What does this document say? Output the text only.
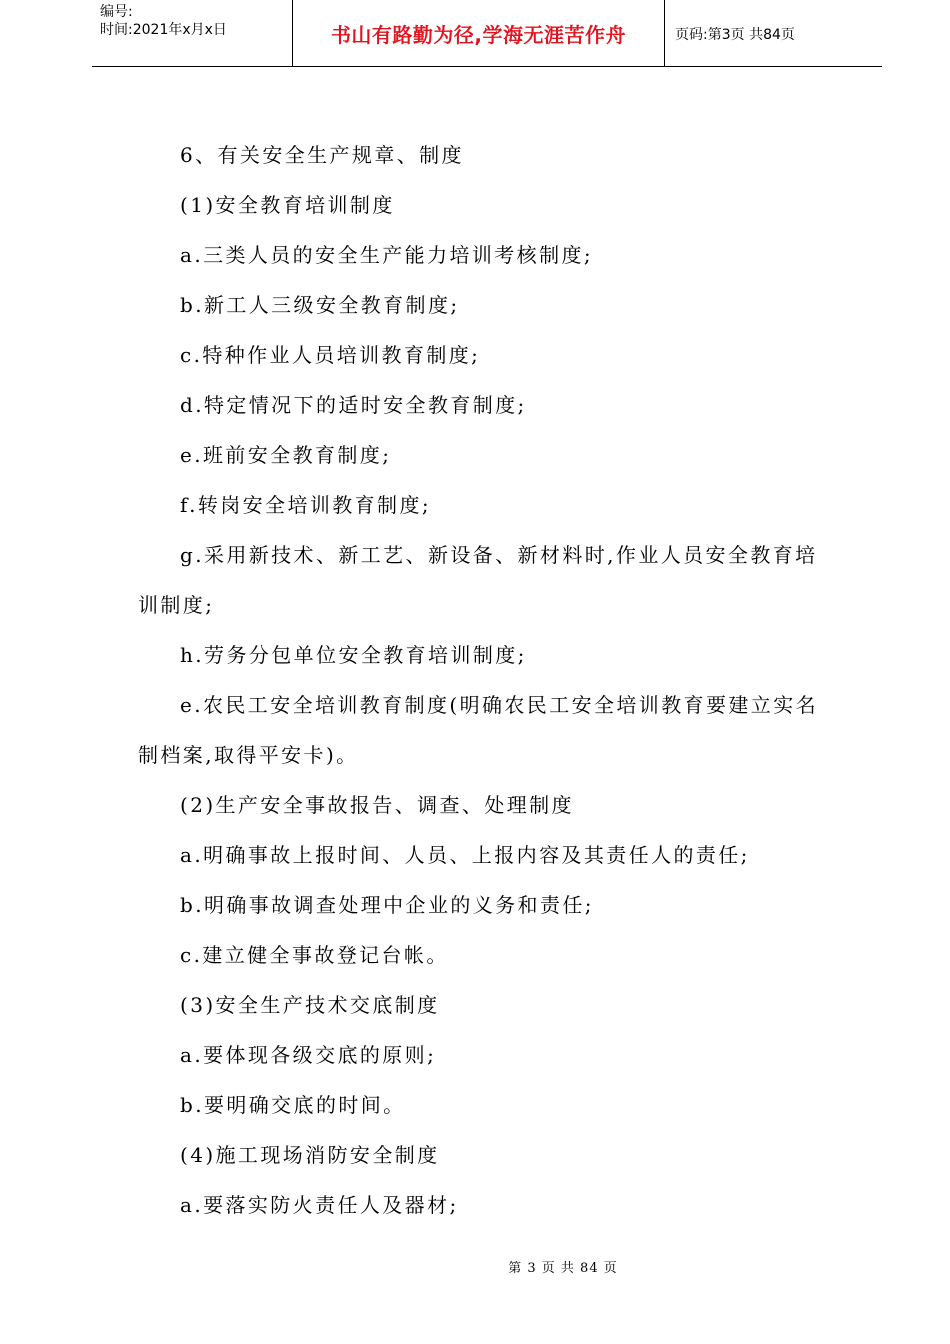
编号:
时间:2021年x月x日	书山有路勤为径,学海无涯苦作舟	页码:第3页 共84页
6、有关安全生产规章、制度
(1)安全教育培训制度
a.三类人员的安全生产能力培训考核制度;
b.新工人三级安全教育制度;
c.特种作业人员培训教育制度;
d.特定情况下的适时安全教育制度;
e.班前安全教育制度;
f.转岗安全培训教育制度;
g.采用新技术、新工艺、新设备、新材料时,作业人员安全教育培
训制度;
h.劳务分包单位安全教育培训制度;
e.农民工安全培训教育制度(明确农民工安全培训教育要建立实名
制档案,取得平安卡)。
(2)生产安全事故报告、调查、处理制度
a.明确事故上报时间、人员、上报内容及其责任人的责任;
b.明确事故调查处理中企业的义务和责任;
c.建立健全事故登记台帐。
(3)安全生产技术交底制度
a.要体现各级交底的原则;
b.要明确交底的时间。
(4)施工现场消防安全制度
a.要落实防火责任人及器材;
第 3 页 共 84 页
